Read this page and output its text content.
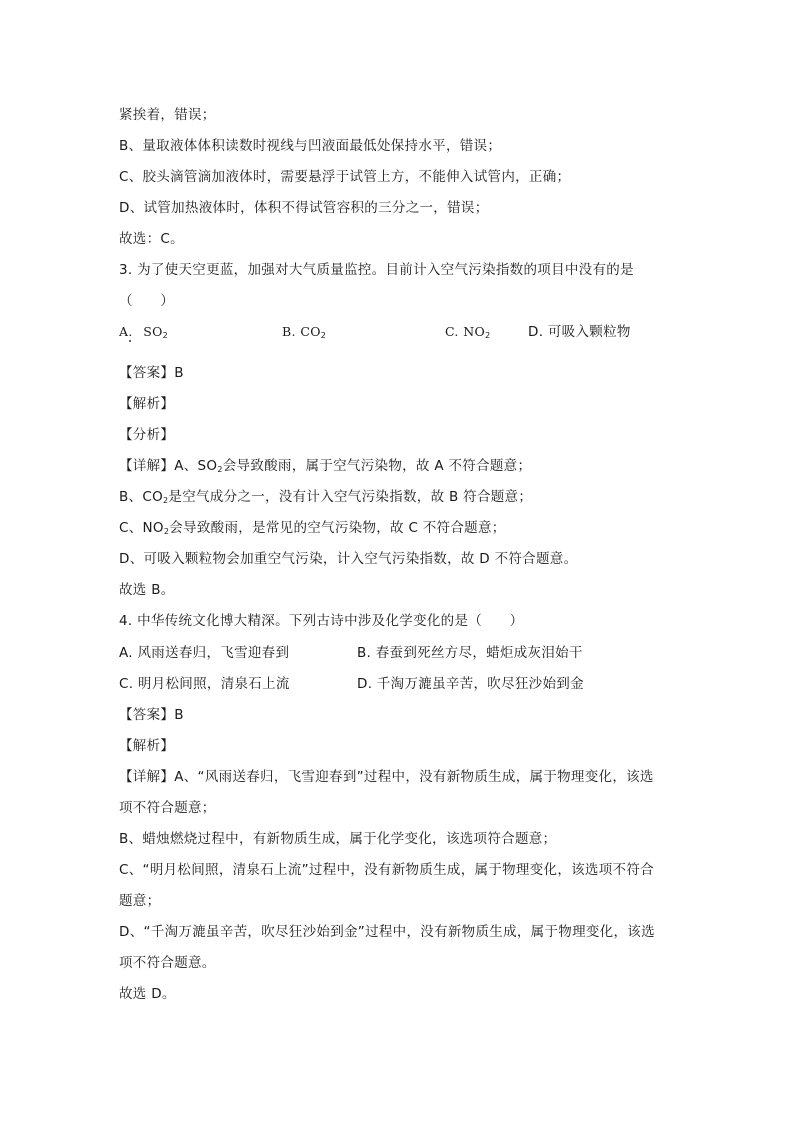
紧挨着，错误；
B、量取液体体积读数时视线与凹液面最低处保持水平，错误；
C、胶头滴管滴加液体时，需要悬浮于试管上方，不能伸入试管内，正确；
D、试管加热液体时，体积不得试管容积的三分之一，错误；
故选：C。
3. 为了使天空更蓝，加强对大气质量监控。目前计入空气污染指数的项目中没有的是
（　　）
A. $SO_2$	B. $CO_2$	C. $NO_2$	D. 可吸入颗粒物
【答案】B
【解析】
【分析】
【详解】A、$SO_2$会导致酸雨，属于空气污染物，故 A 不符合题意；
B、$CO_2$是空气成分之一，没有计入空气污染指数，故 B 符合题意；
C、$NO_2$会导致酸雨，是常见的空气污染物，故 C 不符合题意；
D、可吸入颗粒物会加重空气污染，计入空气污染指数，故 D 不符合题意。
故选 B。
4. 中华传统文化博大精深。下列古诗中涉及化学变化的是（　　）
A. 风雨送春归，飞雪迎春到	B. 春蚕到死丝方尽，蜡炬成灰泪始干
C. 明月松间照，清泉石上流	D. 千淘万漉虽辛苦，吹尽狂沙始到金
【答案】B
【解析】
【详解】A、“风雨送春归，飞雪迎春到”过程中，没有新物质生成，属于物理变化，该选
项不符合题意；
B、蜡烛燃烧过程中，有新物质生成，属于化学变化，该选项符合题意；
C、“明月松间照，清泉石上流”过程中，没有新物质生成，属于物理变化，该选项不符合
题意；
D、“千淘万漉虽辛苦，吹尽狂沙始到金”过程中，没有新物质生成，属于物理变化，该选
项不符合题意。
故选 D。
